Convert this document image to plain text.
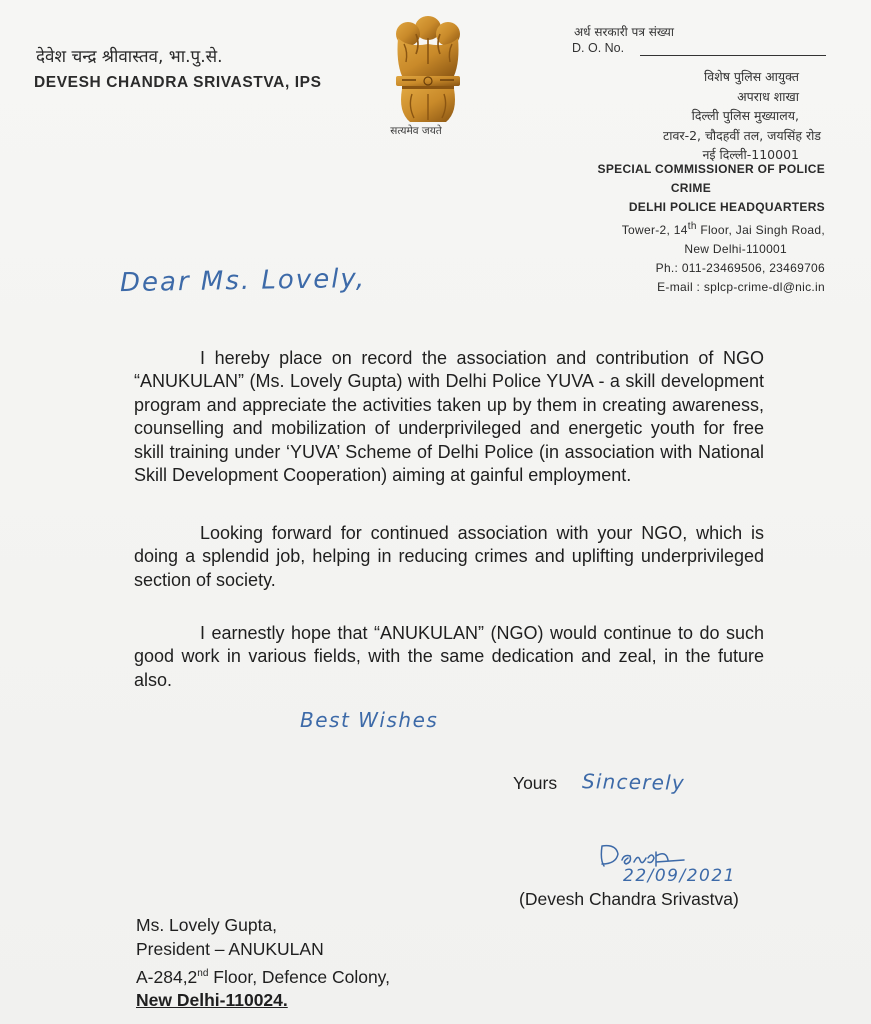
देवेश चन्द्र श्रीवास्तव, भा.पु.से.
DEVESH CHANDRA SRIVASTVA, IPS
सत्यमेव जयते
अर्ध सरकारी पत्र संख्या
D. O. No.
विशेष पुलिस आयुक्त
अपराध शाखा
दिल्ली पुलिस मुख्यालय,
टावर-2, चौदहवीं तल, जयसिंह रोड
नई दिल्ली-110001
SPECIAL COMMISSIONER OF POLICE
CRIME
DELHI POLICE HEADQUARTERS
Tower-2, 14th Floor, Jai Singh Road,
New Delhi-110001
Ph.: 011-23469506, 23469706
E-mail : splcp-crime-dl@nic.in
Dear Ms. Lovely,

I hereby place on record the association and contribution of NGO “ANUKULAN” (Ms. Lovely Gupta) with Delhi Police YUVA - a skill development program and appreciate the activities taken up by them in creating awareness, counselling and mobilization of underprivileged and energetic youth for free skill training under ‘YUVA’ Scheme of Delhi Police (in association with National Skill Development Cooperation) aiming at gainful employment.

Looking forward for continued association with your NGO, which is doing a splendid job, helping in reducing crimes and uplifting underprivileged section of society.

I earnestly hope that “ANUKULAN” (NGO) would continue to do such good work in various fields, with the same dedication and zeal, in the future also.

Best Wishes
Yours Sincerely
22/09/2021
(Devesh Chandra Srivastva)
Ms. Lovely Gupta,
President – ANUKULAN
A-284,2nd Floor, Defence Colony,
New Delhi-110024.
